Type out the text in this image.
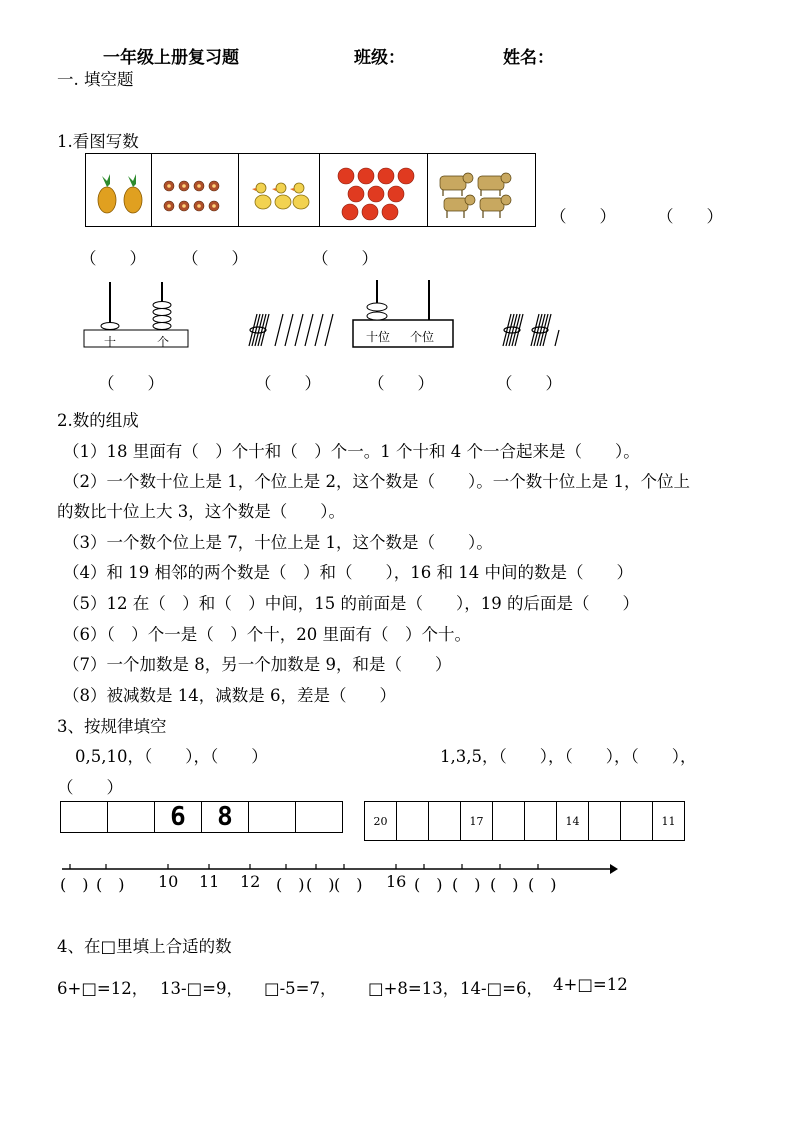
一年级上册复习题	班级：	姓名：
一. 填空题
1.看图写数
（　　） （　　）
（　　） （　　）	（　　）
十	个	十位 个位
（　　）	（　　）	（　　）	（　　）
2.数的组成
（1）18 里面有（　）个十和（　）个一。1 个十和 4 个一合起来是（　　）。
（2）一个数十位上是 1，个位上是 2，这个数是（　　）。一个数十位上是 1，个位上
的数比十位上大 3，这个数是（　　）。
（3）一个数个位上是 7，十位上是 1，这个数是（　　）。
（4）和 19 相邻的两个数是（　）和（　　），16 和 14 中间的数是（　　）
（5）12 在（　）和（　）中间，15 的前面是（　　），19 的后面是（　　）
（6）（　）个一是（　）个十，20 里面有（　）个十。
（7）一个加数是 8，另一个加数是 9，和是（　　）
（8）被减数是 14，减数是 6，差是（　　）
3、按规律填空
0,5,10，（　　），（　　）	1,3,5，（　　），（　　），（　　），
（　　）
6	8	20	17	14	11
(　) (　) 10 11 12 (　) (　) (　) 16 (　) (　) (　) (　)
4、在□里填上合适的数
6+□=12， 13-□=9， □-5=7， □+8=13， 14-□=6， 4+□=12
